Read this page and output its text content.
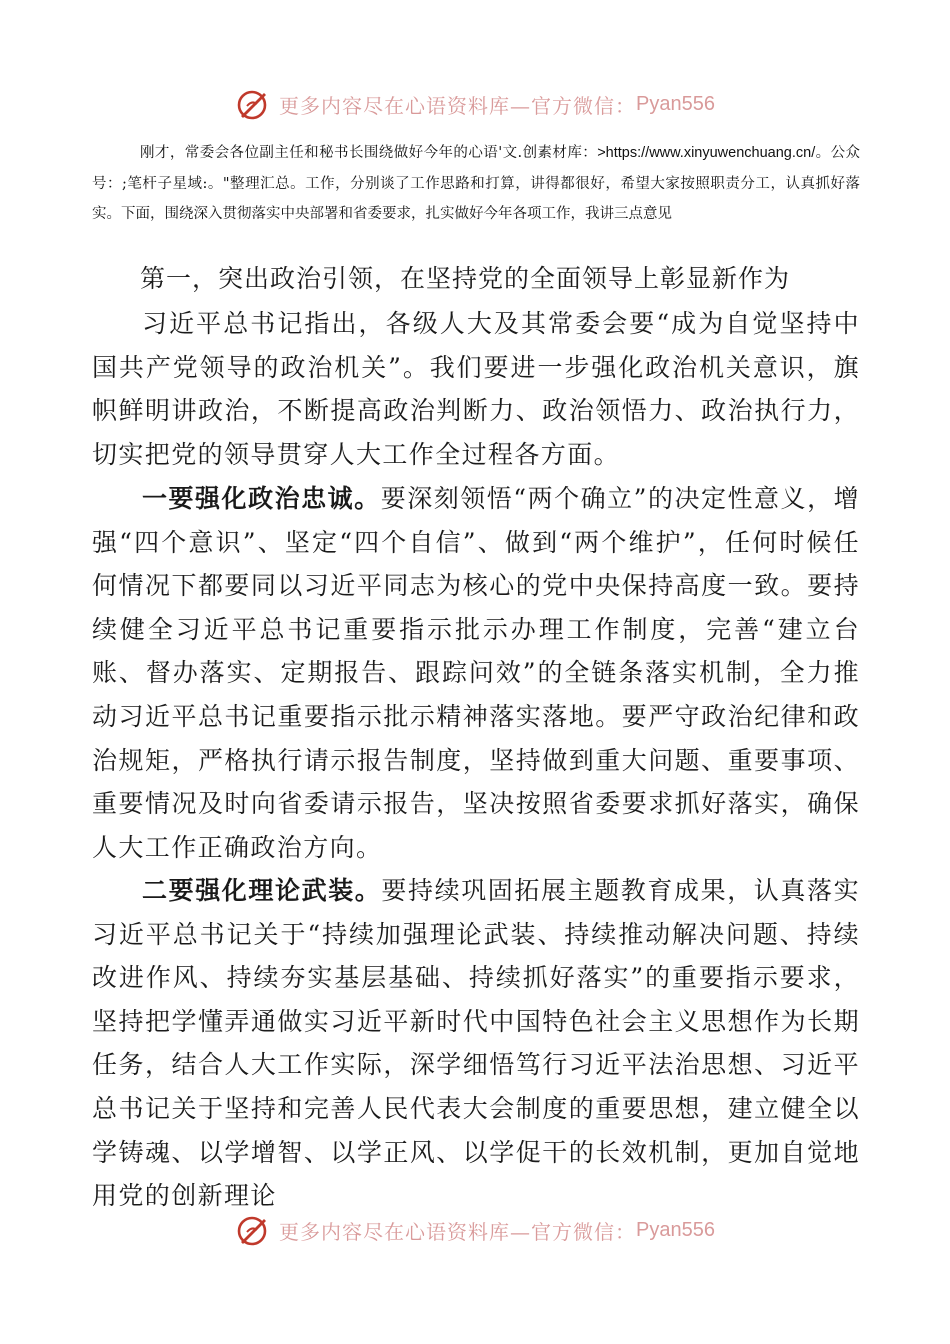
更多内容尽在心语资料库—官方微信： Pyan556

刚才，常委会各位副主任和秘书长围绕做好今年的心语'文.创素材库：>https://www.xinyuwenchuang.cn/。公众号：;笔杆子星域:。"整理汇总。工作，分别谈了工作思路和打算，讲得都很好，希望大家按照职责分工，认真抓好落实。下面，围绕深入贯彻落实中央部署和省委要求，扎实做好今年各项工作，我讲三点意见

第一，突出政治引领，在坚持党的全面领导上彰显新作为

习近平总书记指出，各级人大及其常委会要“成为自觉坚持中国共产党领导的政治机关”。我们要进一步强化政治机关意识，旗帜鲜明讲政治，不断提高政治判断力、政治领悟力、政治执行力，切实把党的领导贯穿人大工作全过程各方面。

一要强化政治忠诚。要深刻领悟“两个确立”的决定性意义，增强“四个意识”、坚定“四个自信”、做到“两个维护”，任何时候任何情况下都要同以习近平同志为核心的党中央保持高度一致。要持续健全习近平总书记重要指示批示办理工作制度，完善“建立台账、督办落实、定期报告、跟踪问效”的全链条落实机制，全力推动习近平总书记重要指示批示精神落实落地。要严守政治纪律和政治规矩，严格执行请示报告制度，坚持做到重大问题、重要事项、重要情况及时向省委请示报告，坚决按照省委要求抓好落实，确保人大工作正确政治方向。

二要强化理论武装。要持续巩固拓展主题教育成果，认真落实习近平总书记关于“持续加强理论武装、持续推动解决问题、持续改进作风、持续夯实基层基础、持续抓好落实”的重要指示要求，坚持把学懂弄通做实习近平新时代中国特色社会主义思想作为长期任务，结合人大工作实际，深学细悟笃行习近平法治思想、习近平总书记关于坚持和完善人民代表大会制度的重要思想，建立健全以学铸魂、以学增智、以学正风、以学促干的长效机制，更加自觉地用党的创新理论

更多内容尽在心语资料库—官方微信： Pyan556
